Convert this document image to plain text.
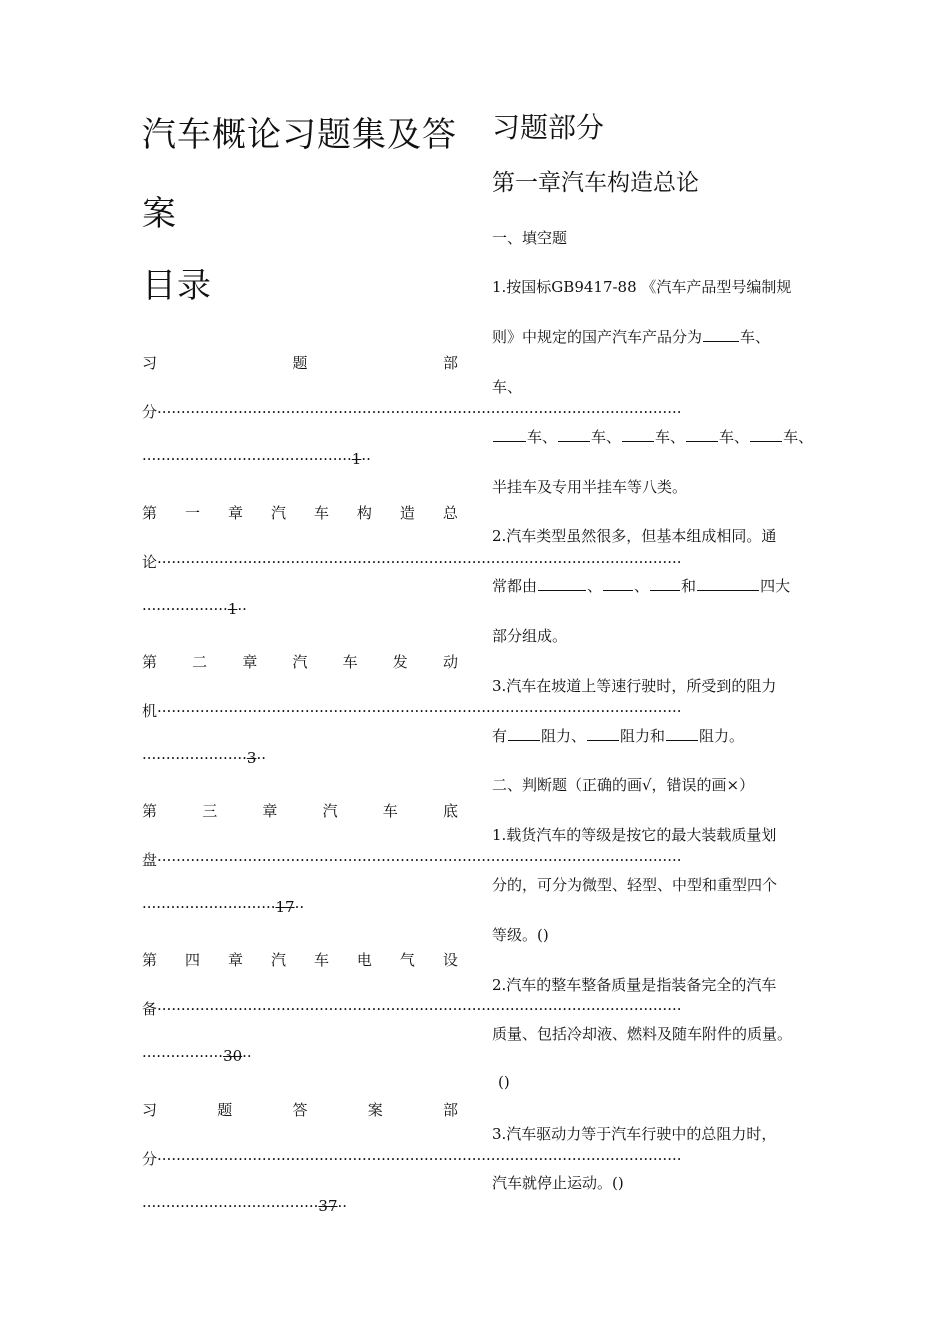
汽车概论习题集及答
案
目录
习	题	部
分··············································································································
············································1··
第 一 章 汽 车 构 造 总
论··············································································································
··················1··
第 二 章 汽 车 发 动
机··············································································································
······················3··
第	三	章	汽	车	底
盘··············································································································
····························17··
第 四 章 汽 车 电 气 设
备··············································································································
·················30··
习	题	答	案	部
分··············································································································
·····································37··
习题部分
第一章汽车构造总论
一、填空题
1.按国标GB9417-88 《汽车产品型号编制规
则》中规定的国产汽车产品分为	车、
车、
车、 车、 车、 车、 车、
半挂车及专用半挂车等八类。
2.汽车类型虽然很多，但基本组成相同。通
常都由	、 、 和	四大
部分组成。
3.汽车在坡道上等速行驶时，所受到的阻力
有 阻力、 阻力和 阻力。
二、判断题（正确的画√，错误的画×）
1.载货汽车的等级是按它的最大装载质量划
分的，可分为微型、轻型、中型和重型四个
等级。()
2.汽车的整车整备质量是指装备完全的汽车
质量、包括冷却液、燃料及随车附件的质量。
()
3.汽车驱动力等于汽车行驶中的总阻力时，
汽车就停止运动。()
